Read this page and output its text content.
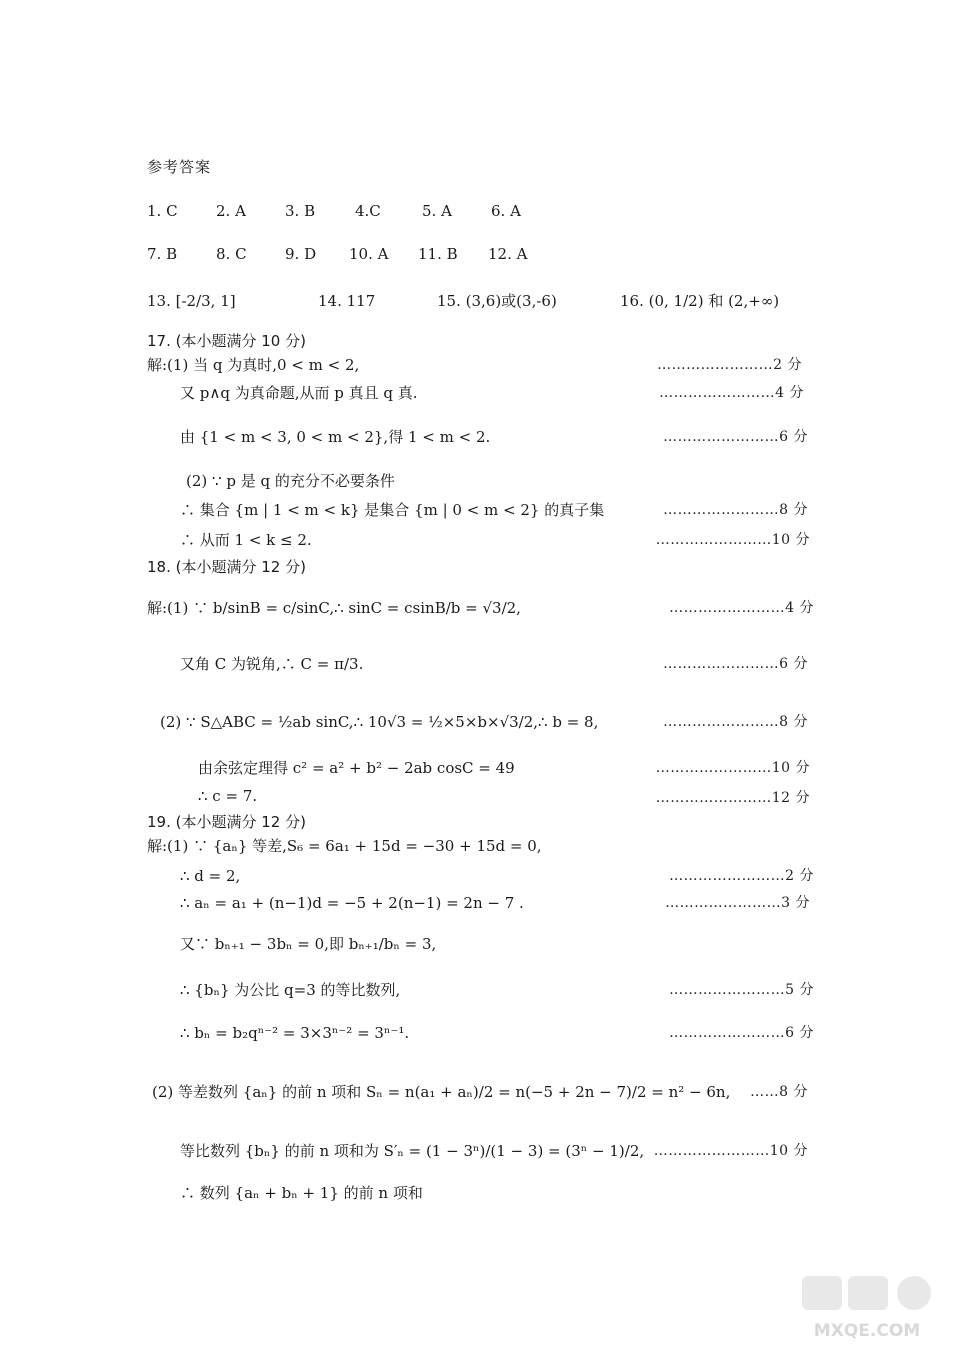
参考答案
1. C	2. A	3. B	4.C	5. A	6. A
7. B	8. C	9. D 10. A 11. B 12. A
13. [-2/3, 1]	14. 117	15. (3,6)或(3,-6)	16. (0, 1/2) 和 (2,+∞)
17. (本小题满分 10 分)
解:(1) 当 q 为真时,0 < m < 2,	……………………2 分
又 p∧q 为真命题,从而 p 真且 q 真.	……………………4 分
由 {1 < m < 3, 0 < m < 2},得 1 < m < 2.	……………………6 分
(2) ∵ p 是 q 的充分不必要条件
∴ 集合 {m | 1 < m < k} 是集合 {m | 0 < m < 2} 的真子集	……………………8 分
∴ 从而 1 < k ≤ 2.	……………………10 分
18. (本小题满分 12 分)
解:(1) ∵ b/sinB = c/sinC,∴ sinC = csinB/b = √3/2,	……………………4 分
又角 C 为锐角,∴ C = π/3.	……………………6 分
(2) ∵ S△ABC = ½ab sinC,∴ 10√3 = ½×5×b×√3/2,∴ b = 8,	……………………8 分
由余弦定理得 c² = a² + b² − 2ab cosC = 49	……………………10 分
∴ c = 7.	……………………12 分
19. (本小题满分 12 分)
解:(1) ∵ {aₙ} 等差,S₆ = 6a₁ + 15d = −30 + 15d = 0,
∴ d = 2,	……………………2 分
∴ aₙ = a₁ + (n−1)d = −5 + 2(n−1) = 2n − 7 .	……………………3 分
又∵ bₙ₊₁ − 3bₙ = 0,即 bₙ₊₁/bₙ = 3,
∴ {bₙ} 为公比 q=3 的等比数列,	……………………5 分
∴ bₙ = b₂qⁿ⁻² = 3×3ⁿ⁻² = 3ⁿ⁻¹.	……………………6 分
(2) 等差数列 {aₙ} 的前 n 项和 Sₙ = n(a₁ + aₙ)/2 = n(−5 + 2n − 7)/2 = n² − 6n, ……8 分
等比数列 {bₙ} 的前 n 项和为 S′ₙ = (1 − 3ⁿ)/(1 − 3) = (3ⁿ − 1)/2, ……………………10 分
∴ 数列 {aₙ + bₙ + 1} 的前 n 项和
MXQE.COM
